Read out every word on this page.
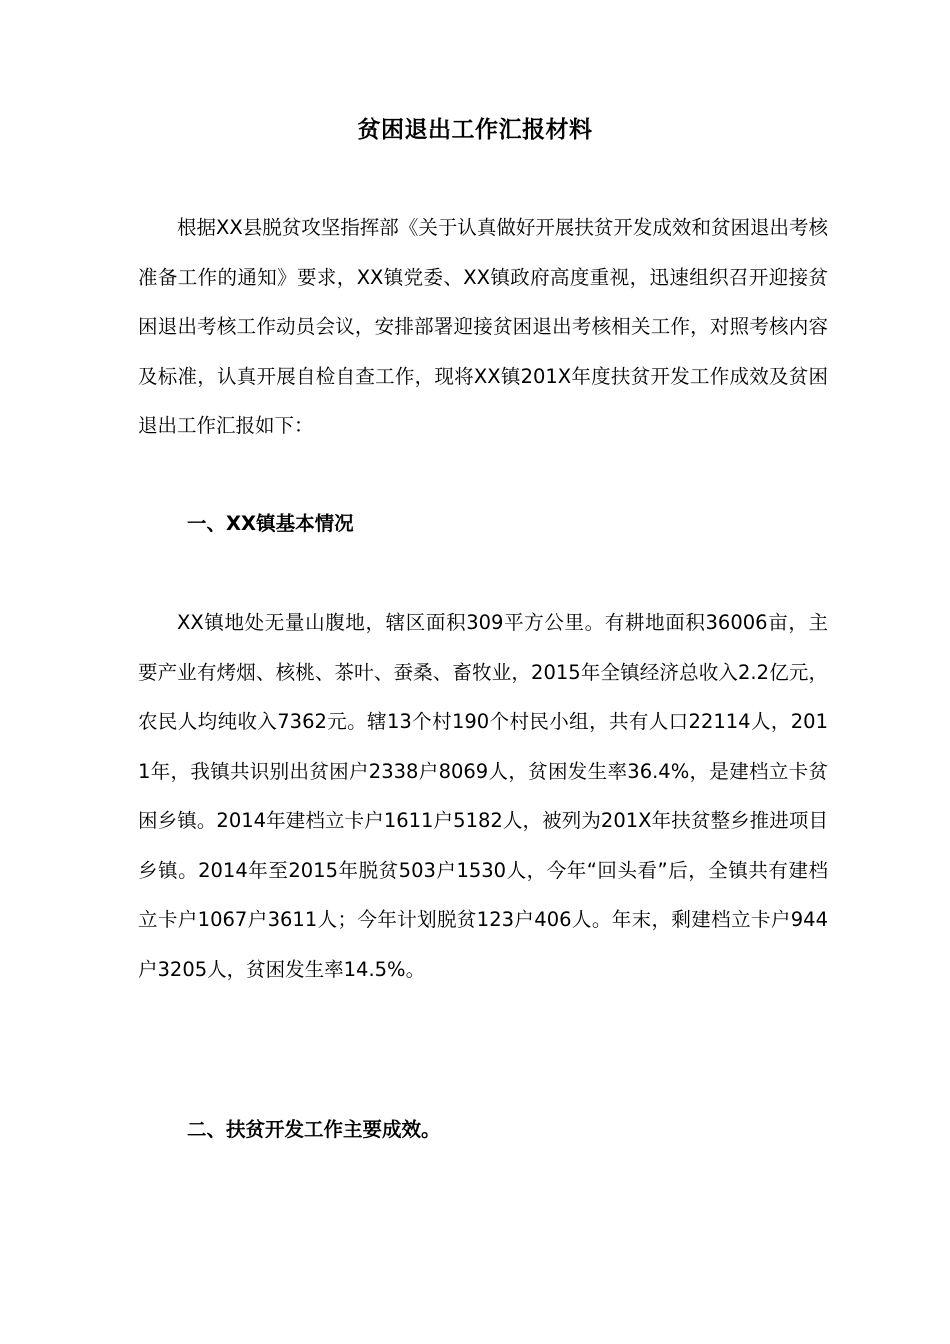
贫困退出工作汇报材料

根据XX县脱贫攻坚指挥部《关于认真做好开展扶贫开发成效和贫困退出考核准备工作的通知》要求，XX镇党委、XX镇政府高度重视，迅速组织召开迎接贫困退出考核工作动员会议，安排部署迎接贫困退出考核相关工作，对照考核内容及标准，认真开展自检自查工作，现将XX镇201X年度扶贫开发工作成效及贫困退出工作汇报如下：

一、XX镇基本情况

XX镇地处无量山腹地，辖区面积309平方公里。有耕地面积36006亩，主要产业有烤烟、核桃、茶叶、蚕桑、畜牧业，2015年全镇经济总收入2.2亿元，农民人均纯收入7362元。辖13个村190个村民小组，共有人口22114人，2011年，我镇共识别出贫困户2338户8069人，贫困发生率36.4%，是建档立卡贫困乡镇。2014年建档立卡户1611户5182人，被列为201X年扶贫整乡推进项目乡镇。2014年至2015年脱贫503户1530人，今年“回头看”后，全镇共有建档立卡户1067户3611人；今年计划脱贫123户406人。年末，剩建档立卡户944户3205人，贫困发生率14.5%。

二、扶贫开发工作主要成效。
